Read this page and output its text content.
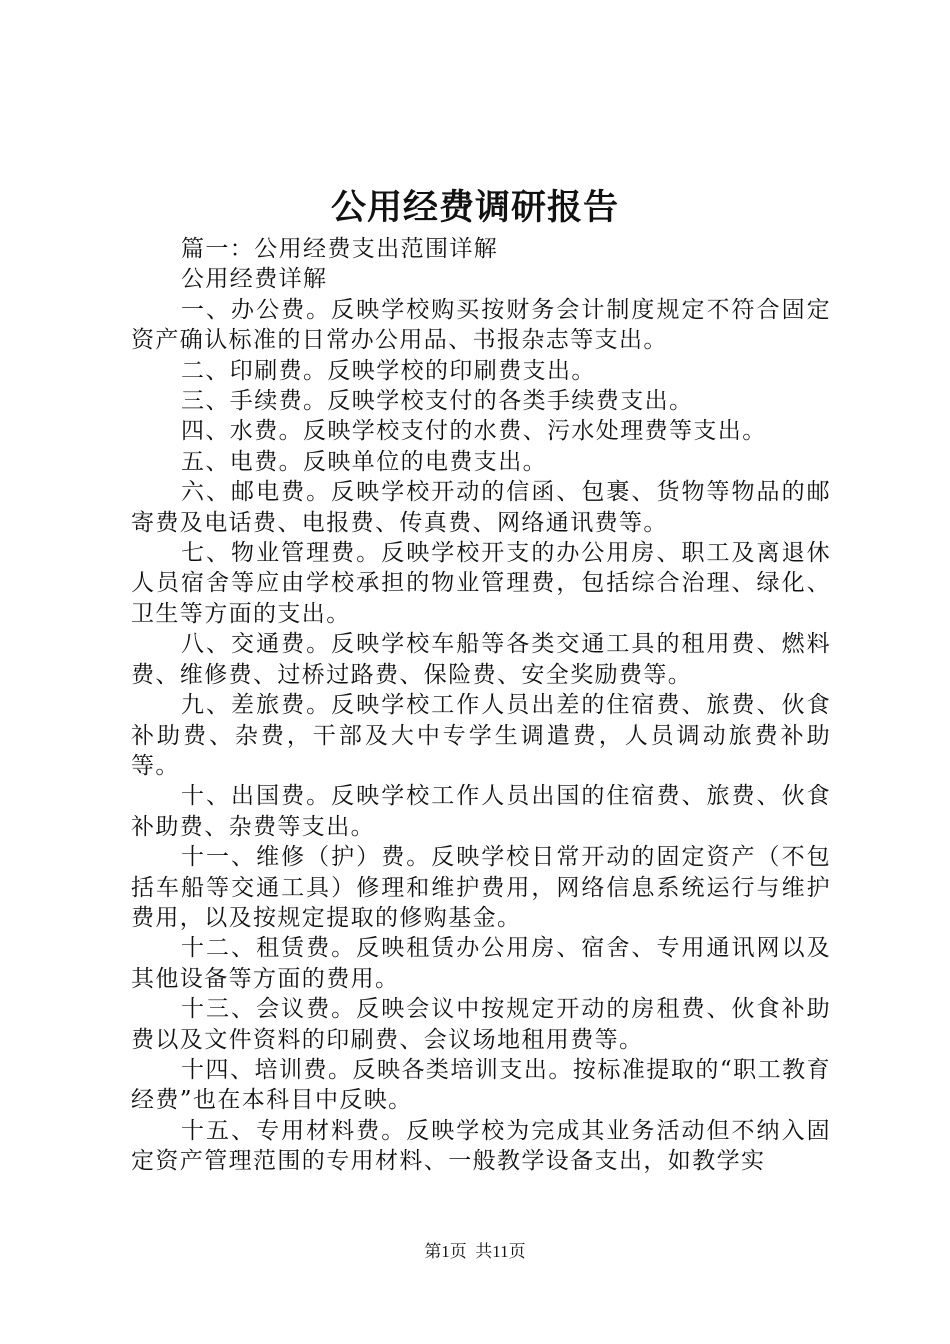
公用经费调研报告

篇一：公用经费支出范围详解

公用经费详解

一、办公费。反映学校购买按财务会计制度规定不符合固定资产确认标准的日常办公用品、书报杂志等支出。

二、印刷费。反映学校的印刷费支出。

三、手续费。反映学校支付的各类手续费支出。

四、水费。反映学校支付的水费、污水处理费等支出。

五、电费。反映单位的电费支出。

六、邮电费。反映学校开动的信函、包裹、货物等物品的邮寄费及电话费、电报费、传真费、网络通讯费等。

七、物业管理费。反映学校开支的办公用房、职工及离退休人员宿舍等应由学校承担的物业管理费，包括综合治理、绿化、卫生等方面的支出。

八、交通费。反映学校车船等各类交通工具的租用费、燃料费、维修费、过桥过路费、保险费、安全奖励费等。

九、差旅费。反映学校工作人员出差的住宿费、旅费、伙食补助费、杂费，干部及大中专学生调遣费，人员调动旅费补助等。

十、出国费。反映学校工作人员出国的住宿费、旅费、伙食补助费、杂费等支出。

十一、维修（护）费。反映学校日常开动的固定资产（不包括车船等交通工具）修理和维护费用，网络信息系统运行与维护费用，以及按规定提取的修购基金。

十二、租赁费。反映租赁办公用房、宿舍、专用通讯网以及其他设备等方面的费用。

十三、会议费。反映会议中按规定开动的房租费、伙食补助费以及文件资料的印刷费、会议场地租用费等。

十四、培训费。反映各类培训支出。按标准提取的“职工教育经费”也在本科目中反映。

十五、专用材料费。反映学校为完成其业务活动但不纳入固定资产管理范围的专用材料、一般教学设备支出，如教学实

第1页  共11页
